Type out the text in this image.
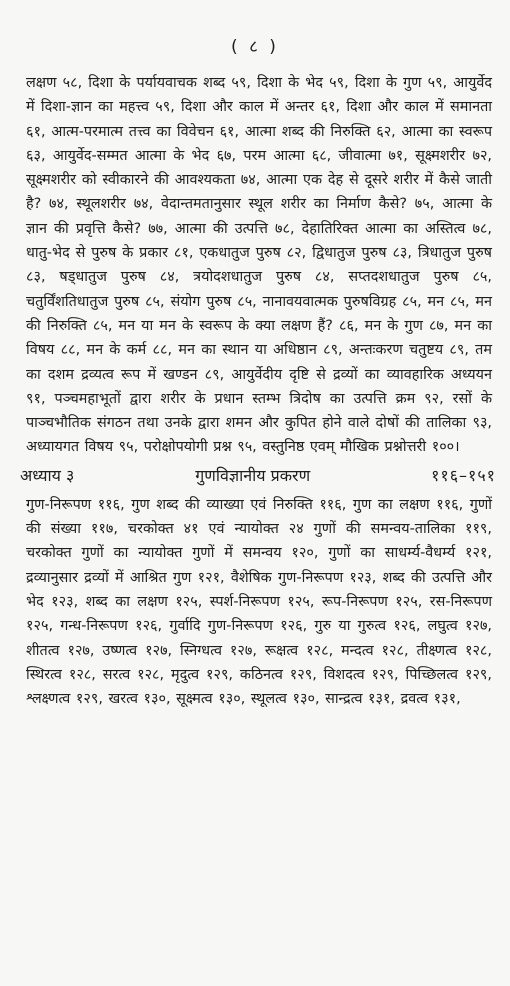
( ८ )

लक्षण ५८, दिशा के पर्यायवाचक शब्द ५९, दिशा के भेद ५९, दिशा के गुण ५९, आयुर्वेद में दिशा-ज्ञान का महत्त्व ५९, दिशा और काल में अन्तर ६१, दिशा और काल में समानता ६१, आत्म-परमात्म तत्त्व का विवेचन ६१, आत्मा शब्द की निरुक्ति ६२, आत्मा का स्वरूप ६३, आयुर्वेद-सम्मत आत्मा के भेद ६७, परम आत्मा ६८, जीवात्मा ७१, सूक्ष्मशरीर ७२, सूक्ष्मशरीर को स्वीकारने की आवश्यकता ७४, आत्मा एक देह से दूसरे शरीर में कैसे जाती है? ७४, स्थूलशरीर ७४, वेदान्तमतानुसार स्थूल शरीर का निर्माण कैसे? ७५, आत्मा के ज्ञान की प्रवृत्ति कैसे? ७७, आत्मा की उत्पत्ति ७८, देहातिरिक्त आत्मा का अस्तित्व ७८, धातु-भेद से पुरुष के प्रकार ८१, एकधातुज पुरुष ८२, द्विधातुज पुरुष ८३, त्रिधातुज पुरुष ८३, षड्धातुज पुरुष ८४, त्रयोदशधातुज पुरुष ८४, सप्तदशधातुज पुरुष ८५, चतुर्विंशतिधातुज पुरुष ८५, संयोग पुरुष ८५, नानावयवात्मक पुरुषविग्रह ८५, मन ८५, मन की निरुक्ति ८५, मन या मन के स्वरूप के क्या लक्षण हैं? ८६, मन के गुण ८७, मन का विषय ८८, मन के कर्म ८८, मन का स्थान या अधिष्ठान ८९, अन्तःकरण चतुष्टय ८९, तम का दशम द्रव्यत्व रूप में खण्डन ८९, आयुर्वेदीय दृष्टि से द्रव्यों का व्यावहारिक अध्ययन ९१, पञ्चमहाभूतों द्वारा शरीर के प्रधान स्तम्भ त्रिदोष का उत्पत्ति क्रम ९२, रसों के पाञ्चभौतिक संगठन तथा उनके द्वारा शमन और कुपित होने वाले दोषों की तालिका ९३, अध्यायगत विषय ९५, परोक्षोपयोगी प्रश्न ९५, वस्तुनिष्ठ एवम् मौखिक प्रश्नोत्तरी १००।

अध्याय ३	गुणविज्ञानीय प्रकरण	११६–१५१

गुण-निरूपण ११६, गुण शब्द की व्याख्या एवं निरुक्ति ११६, गुण का लक्षण ११६, गुणों की संख्या ११७, चरकोक्त ४१ एवं न्यायोक्त २४ गुणों की समन्वय-तालिका ११९, चरकोक्त गुणों का न्यायोक्त गुणों में समन्वय १२०, गुणों का साधर्म्य-वैधर्म्य १२१, द्रव्यानुसार द्रव्यों में आश्रित गुण १२१, वैशेषिक गुण-निरूपण १२३, शब्द की उत्पत्ति और भेद १२३, शब्द का लक्षण १२५, स्पर्श-निरूपण १२५, रूप-निरूपण १२५, रस-निरूपण १२५, गन्ध-निरूपण १२६, गुर्वादि गुण-निरूपण १२६, गुरु या गुरुत्व १२६, लघुत्व १२७, शीतत्व १२७, उष्णत्व १२७, स्निग्धत्व १२७, रूक्षत्व १२८, मन्दत्व १२८, तीक्ष्णत्व १२८, स्थिरत्व १२८, सरत्व १२८, मृदुत्व १२९, कठिनत्व १२९, विशदत्व १२९, पिच्छिलत्व १२९, श्लक्ष्णत्व १२९, खरत्व १३०, सूक्ष्मत्व १३०, स्थूलत्व १३०, सान्द्रत्व १३१, द्रवत्व १३१,
